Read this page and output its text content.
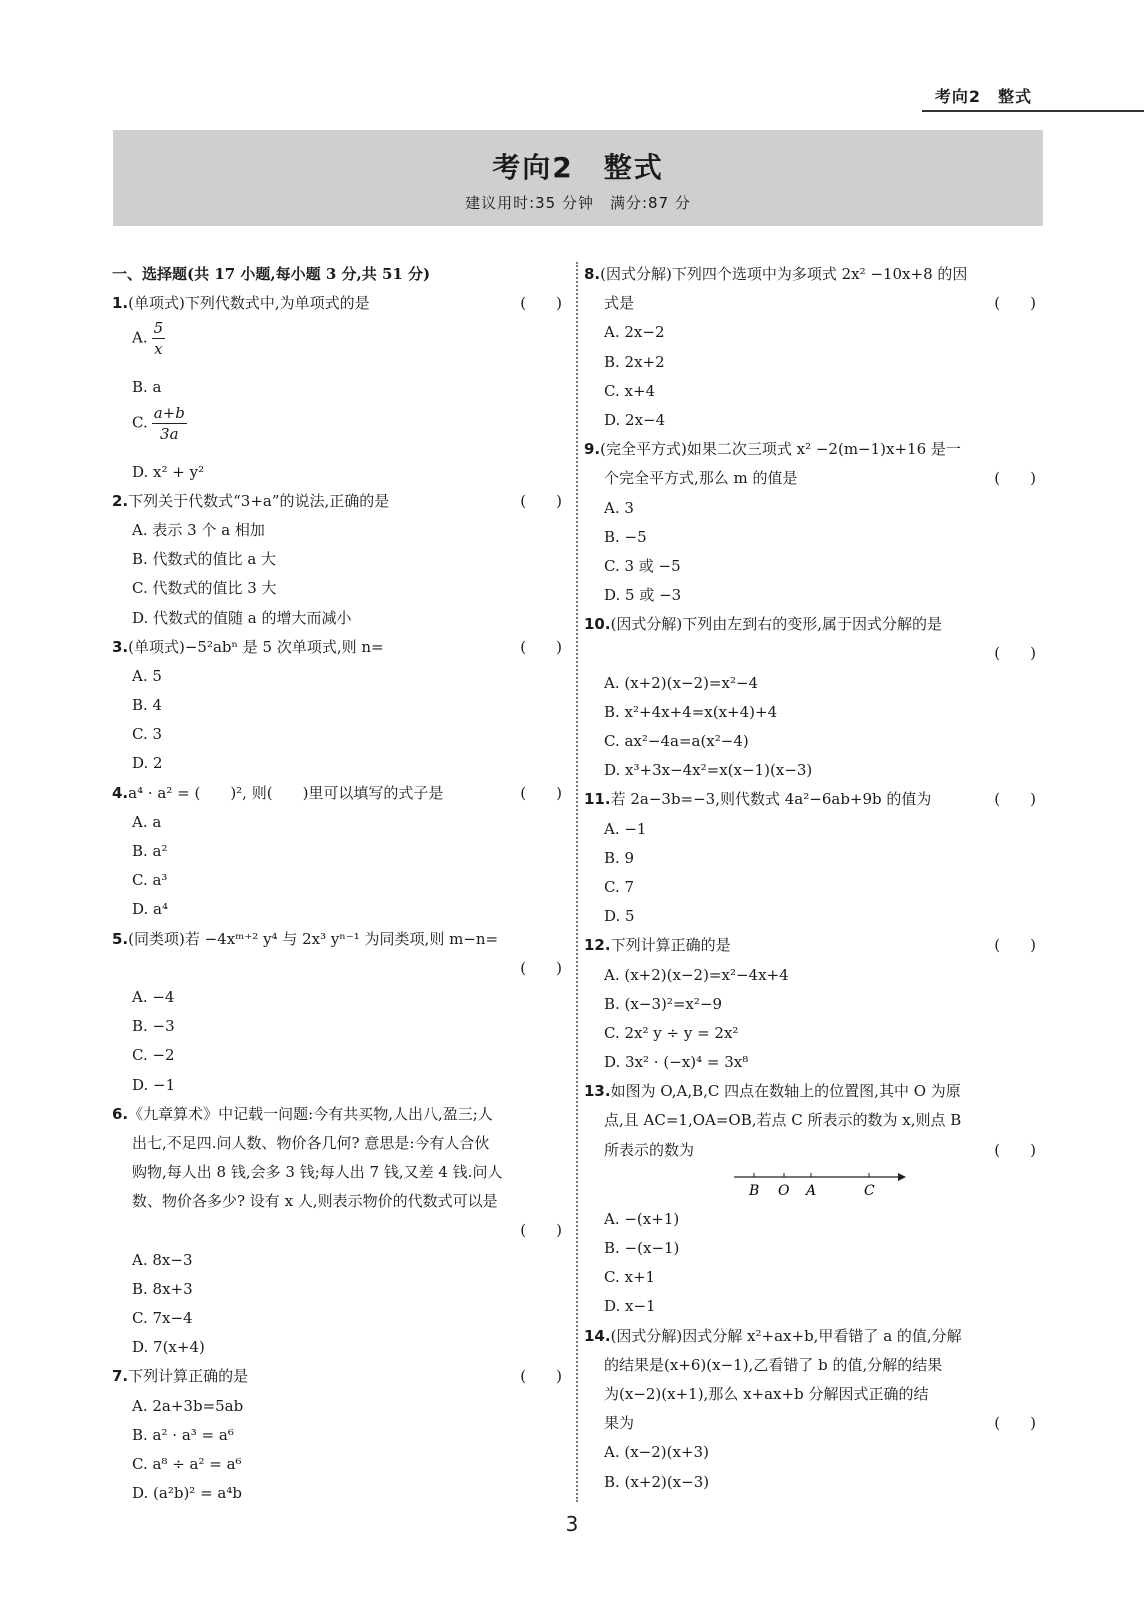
考向2　整式
考向2　整式
建议用时:35 分钟　满分:87 分
一、选择题(共 17 小题,每小题 3 分,共 51 分)
1.(单项式)下列代数式中,为单项式的是	(　　)
A. $\frac{5}{x}$
B. a
C. $\frac{a+b}{3a}$
D. x² + y²
2.下列关于代数式“3+a”的说法,正确的是	(　　)
A. 表示 3 个 a 相加
B. 代数式的值比 a 大
C. 代数式的值比 3 大
D. 代数式的值随 a 的增大而减小
3.(单项式)−5²abⁿ 是 5 次单项式,则 n=	(　　)
A. 5
B. 4
C. 3
D. 2
4.a⁴ · a² = (　　)², 则(　　)里可以填写的式子是	(　　)
A. a
B. a²
C. a³
D. a⁴
5.(同类项)若 −4xᵐ⁺² y⁴ 与 2x³ yⁿ⁻¹ 为同类项,则 m−n=
(　　)
A. −4
B. −3
C. −2
D. −1
6.《九章算术》中记载一问题:今有共买物,人出八,盈三;人
出七,不足四.问人数、物价各几何? 意思是:今有人合伙
购物,每人出 8 钱,会多 3 钱;每人出 7 钱,又差 4 钱.问人
数、物价各多少? 设有 x 人,则表示物价的代数式可以是
(　　)
A. 8x−3
B. 8x+3
C. 7x−4
D. 7(x+4)
7.下列计算正确的是	(　　)
A. 2a+3b=5ab
B. a² · a³ = a⁶
C. a⁸ ÷ a² = a⁶
D. (a²b)² = a⁴b
8.(因式分解)下列四个选项中为多项式 2x² −10x+8 的因
式是	(　　)
A. 2x−2
B. 2x+2
C. x+4
D. 2x−4
9.(完全平方式)如果二次三项式 x² −2(m−1)x+16 是一
个完全平方式,那么 m 的值是	(　　)
A. 3
B. −5
C. 3 或 −5
D. 5 或 −3
10.(因式分解)下列由左到右的变形,属于因式分解的是
(　　)
A. (x+2)(x−2)=x²−4
B. x²+4x+4=x(x+4)+4
C. ax²−4a=a(x²−4)
D. x³+3x−4x²=x(x−1)(x−3)
11.若 2a−3b=−3,则代数式 4a²−6ab+9b 的值为	(　　)
A. −1
B. 9
C. 7
D. 5
12.下列计算正确的是	(　　)
A. (x+2)(x−2)=x²−4x+4
B. (x−3)²=x²−9
C. 2x² y ÷ y = 2x²
D. 3x² · (−x)⁴ = 3x⁸
13.如图为 O,A,B,C 四点在数轴上的位置图,其中 O 为原
点,且 AC=1,OA=OB,若点 C 所表示的数为 x,则点 B
所表示的数为	(　　)
B O A	C
A. −(x+1)
B. −(x−1)
C. x+1
D. x−1
14.(因式分解)因式分解 x²+ax+b,甲看错了 a 的值,分解
的结果是(x+6)(x−1),乙看错了 b 的值,分解的结果
为(x−2)(x+1),那么 x+ax+b 分解因式正确的结
果为	(　　)
A. (x−2)(x+3)
B. (x+2)(x−3)
3
